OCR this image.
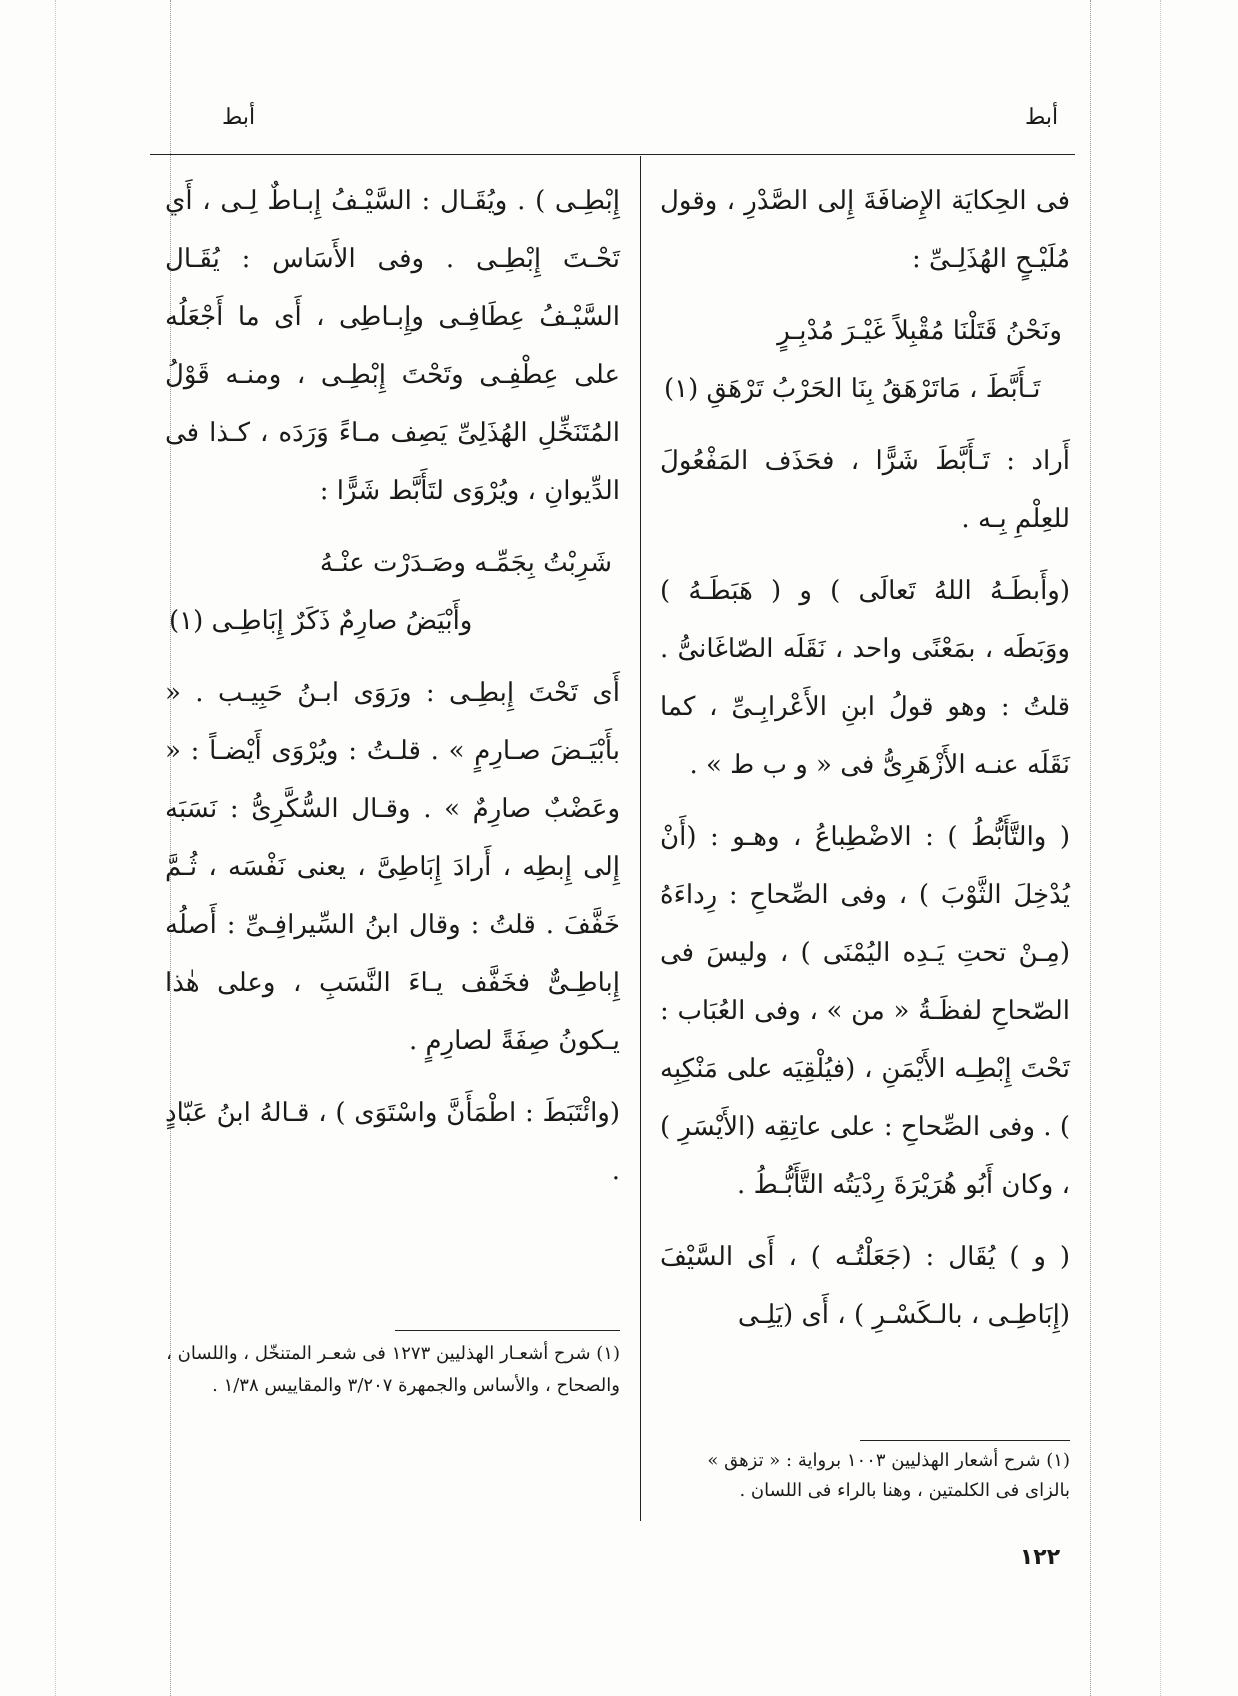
أبط	أبط

فى الحِكايَة الإِضافَةَ إِلى الصَّدْرِ ، وقول مُلَيْـحٍ الهُذَلِـىِّ :

ونَحْنُ قَتَلْنَا مُقْبِلاً غَيْـرَ مُدْبِـرٍ
تَـأَبَّطَ ، مَاتَرْهَقُ بِنَا الحَرْبُ تَرْهَقِ (١)

أَراد : تَـأَبَّطَ شَرًّا ، فحَذَف المَفْعُولَ للعِلْمِ بِـه .

(وأَبطَـهُ اللهُ تَعالَى ) و ( هَبَطَـهُ ) ووَبَطَه ، بمَعْنًى واحد ، نَقَلَه الصّاغَانىُّ . قلتُ : وهو قولُ ابنِ الأَعْرابِـىِّ ، كما نَقَلَه عنـه الأَزْهَرِىُّ فى « و ب ط » .

( والتَّأَبُّطُ ) : الاضْطِباعُ ، وهـو : (أَنْ يُدْخِلَ الثَّوْبَ ) ، وفى الصِّحاحِ : رِداءَهُ (مِـنْ تحتِ يَـدِه اليُمْنَى ) ، وليسَ فى الصّحاحِ لفظَـةُ « من » ، وفى العُبَاب : تَحْتَ إِبْطِـه الأَيْمَنِ ، (فيُلْقِيَه على مَنْكِبِه ) . وفى الصِّحاحِ : على عاتِقِه (الأَيْسَرِ ) ، وكان أَبُو هُرَيْرَةَ رِدْيَتُه التَّأَبُّـطُ .

( و ) يُقَال : (جَعَلْتُـه ) ، أَى السَّيْفَ (إِبَاطِـى ، بالـكَسْـرِ ) ، أَى (يَلِـى

(١) شرح أشعار الهذليين ١٠٠٣ برواية : « تزهق » بالزاى فى الكلمتين ، وهنا بالراء فى اللسان .

إِبْطِـى ) . ويُقَـال : السَّيْـفُ إِبـاطٌ لِـى ، أَي تَحْـتَ إِبْطِـى . وفى الأَسَاس : يُقَـال السَّيْـفُ عِطَافِـى وإِبـاطِى ، أَى ما أَجْعَلُه على عِطْفِـى وتَحْتَ إِبْطِـى ، ومنـه قَوْلُ المُتَنَخِّلِ الهُذَلِىِّ يَصِف مـاءً وَرَدَه ، كـذا فى الدِّيوانِ ، ويُرْوَى لتَأَبَّط شَرًّا :

شَرِبْتُ بِجَمِّـه وصَـدَرْت عنْـهُ
وأَبْيَضُ صارِمٌ ذَكَرٌ إِبَاطِـى (١)

أَى تَحْتَ إِبطِـى : ورَوَى ابـنُ حَبِيـب . « بأَبْيَـضَ صـارِمٍ » . قلـتُ : ويُرْوَى أَيْضـاً : « وعَضْبٌ صارِمٌ » . وقـال السُّكَّرِىُّ : نَسَبَه إِلى إِبطِه ، أَرادَ إِبَاطِىَّ ، يعنى نَفْسَه ، ثُـمَّ خَفَّفَ . قلتُ : وقال ابنُ السِّيرافِـىِّ : أَصلُه إِباطِـىٌّ فخَفَّف يـاءَ النَّسَبِ ، وعلى هٰذا يـكونُ صِفَةً لصارِمٍ .

(وائْتَبَطَ : اطْمَأَنَّ واسْتَوَى ) ، قـالهُ ابنُ عَبّادٍ .

(١) شرح أشعـار الهذليين ١٢٧٣ فى شعـر المتنخّل ، واللسان ، والصحاح ، والأساس والجمهرة ٣/٢٠٧ والمقاييس ١/٣٨ .
١٢٢
